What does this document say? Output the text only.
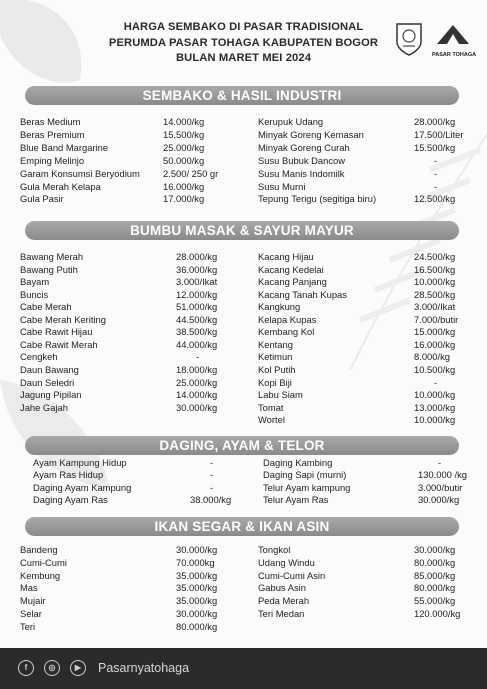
HARGA SEMBAKO DI PASAR TRADISIONAL
PERUMDA PASAR TOHAGA KABUPATEN BOGOR
BULAN MARET MEI 2024	PASAR TOHAGA
SEMBAKO & HASIL INDUSTRI
BUMBU MASAK & SAYUR MAYUR
DAGING, AYAM & TELOR
IKAN SEGAR & IKAN ASIN
Beras Medium	14.000/kg
Beras Premium	15.500/kg
Blue Band Margarine	25.000/kg
Emping Melinjo	50.000/kg
Garam Konsumsi Beryodium 2.500/ 250 gr
Gula Merah Kelapa	16.000/kg
Gula Pasir	17.000/kg
Kerupuk Udang	28.000/kg
Minyak Goreng Kemasan	17.500/Liter
Minyak Goreng Curah	15.500/kg
Susu Bubuk Dancow	-
Susu Manis Indomilk	-
Susu Murni	-
Tepung Terigu (segitiga biru)	12.500/kg
Bawang Merah	28.000/kg
Bawang Putih	36.000/kg
Bayam	3.000/Ikat
Buncis	12.000/kg
Cabe Merah	51.000/kg
Cabe Merah Keriting	44.500/kg
Cabe Rawit Hijau	38.500/kg
Cabe Rawit Merah	44.000/kg
Cengkeh	-
Daun Bawang	18.000/kg
Daun Seledri	25.000/kg
Jagung Pipilan	14.000/kg
Jahe Gajah	30.000/kg
Kacang Hijau	24.500/kg
Kacang Kedelai	16.500/kg
Kacang Panjang	10.000/kg
Kacang Tanah Kupas	28.500/kg
Kangkung	3.000/Ikat
Kelapa Kupas	7.000/butir
Kembang Kol	15.000/kg
Kentang	16.000/kg
Ketimun	8.000/kg
Kol Putih	10.500/kg
Kopi Biji	-
Labu Siam	10.000/kg
Tomat	13.000/kg
Wortel	10.000/kg
Ayam Kampung Hidup	-
Ayam Ras Hidup	-
Daging Ayam Kampung	-
Daging Ayam Ras	38.000/kg
Daging Kambing	-
Daging Sapi (murni)	130.000 /kg
Telur Ayam kampung	3.000/butir
Telur Ayam Ras	30.000/kg
Bandeng	30.000/kg
Cumi-Cumi	70.000kg
Kembung	35.000/kg
Mas	35.000/kg
Mujair	35.000/kg
Selar	30.000/kg
Teri	80.000/kg
Tongkol	30.000/kg
Udang Windu	80.000/kg
Cumi-Cumi Asin	85.000/kg
Gabus Asin	80.000/kg
Peda Merah	55.000/kg
Teri Medan	120.000/kg
f	◎	▶	Pasarnyatohaga
